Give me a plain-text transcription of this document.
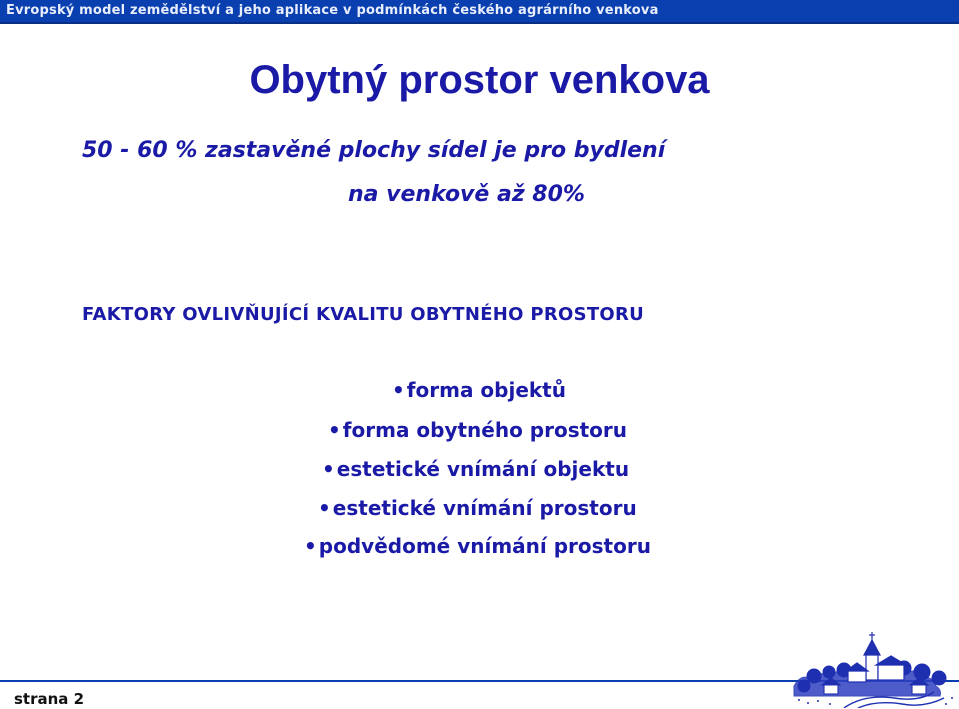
Evropský model zemědělství a jeho aplikace v podmínkách českého agrárního venkova
Obytný prostor venkova
50 - 60 % zastavěné plochy sídel je pro bydlení
na venkově až 80%
FAKTORY OVLIVŇUJÍCÍ KVALITU OBYTNÉHO PROSTORU
• forma objektů
• forma obytného prostoru
• estetické vnímání objektu
• estetické vnímání prostoru
• podvědomé vnímání prostoru
strana 2
